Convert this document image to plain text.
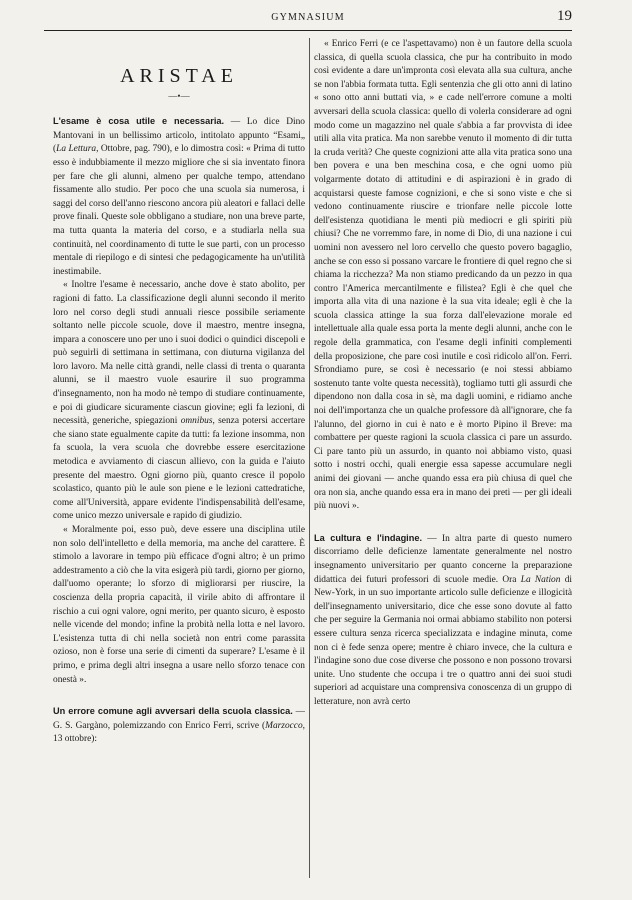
GYMNASIUM	19
ARISTAE
—•—

L'esame è cosa utile e necessaria. — Lo dice Dino Mantovani in un bellissimo articolo, intitolato appunto “Esami„ (La Lettura, Ottobre, pag. 790), e lo dimostra così: « Prima di tutto esso è indubbiamente il mezzo migliore che si sia inventato finora per fare che gli alunni, almeno per qualche tempo, attendano fissamente allo studio. Per poco che una scuola sia numerosa, i saggi del corso dell'anno riescono ancora più aleatori e fallaci delle prove finali. Queste sole obbligano a studiare, non una breve parte, ma tutta quanta la materia del corso, e a studiarla nella sua continuità, nel coordinamento di tutte le sue parti, con un processo mentale di riepilogo e di sintesi che pedagogicamente ha un'utilità inestimabile.

« Inoltre l'esame è necessario, anche dove è stato abolito, per ragioni di fatto. La classificazione degli alunni secondo il merito loro nel corso degli studi annuali riesce possibile seriamente soltanto nelle piccole scuole, dove il maestro, mentre insegna, impara a conoscere uno per uno i suoi dodici o quindici discepoli e può seguirli di settimana in settimana, con diuturna vigilanza del loro lavoro. Ma nelle città grandi, nelle classi di trenta o quaranta alunni, se il maestro vuole esaurire il suo programma d'insegnamento, non ha modo nè tempo di studiare continuamente, e poi di giudicare sicuramente ciascun giovine; egli fa lezioni, di necessità, generiche, spiegazioni omnibus, senza potersi accertare che siano state egualmente capite da tutti: fa lezione insomma, non fa scuola, la vera scuola che dovrebbe essere esercitazione metodica e avviamento di ciascun allievo, con la guida e l'aiuto presente del maestro. Ogni giorno più, quanto cresce il popolo scolastico, quanto più le aule son piene e le lezioni cattedratiche, come all'Università, appare evidente l'indispensabilità dell'esame, come unico mezzo universale e rapido di giudizio.

« Moralmente poi, esso può, deve essere una disciplina utile non solo dell'intelletto e della memoria, ma anche del carattere. È stimolo a lavorare in tempo più efficace d'ogni altro; è un primo addestramento a ciò che la vita esigerà più tardi, giorno per giorno, dall'uomo operante; lo sforzo di migliorarsi per riuscire, la coscienza della propria capacità, il virile abito di affrontare il rischio a cui ogni valore, ogni merito, per quanto sicuro, è esposto nelle vicende del mondo; infine la probità nella lotta e nel lavoro. L'esistenza tutta di chi nella società non entri come parassita ozioso, non è forse una serie di cimenti da superare? L'esame è il primo, e prima degli altri insegna a usare nello sforzo tenace con onestà ».

Un errore comune agli avversari della scuola classica. — G. S. Gargàno, polemizzando con Enrico Ferri, scrive (Marzocco, 13 ottobre):

« Enrico Ferri (e ce l'aspettavamo) non è un fautore della scuola classica, di quella scuola classica, che pur ha contribuito in modo così evidente a dare un'impronta così elevata alla sua cultura, anche se non l'abbia formata tutta. Egli sentenzia che gli otto anni di latino « sono otto anni buttati via, » e cade nell'errore comune a molti avversari della scuola classica: quello di volerla considerare ad ogni modo come un magazzino nel quale s'abbia a far provvista di idee utili alla vita pratica. Ma non sarebbe venuto il momento di dir tutta la cruda verità? Che queste cognizioni atte alla vita pratica sono una ben povera e una ben meschina cosa, e che ogni uomo più volgarmente dotato di attitudini e di aspirazioni è in grado di acquistarsi queste famose cognizioni, e che si sono viste e che si vedono continuamente riuscire e trionfare nelle piccole lotte dell'esistenza quotidiana le menti più mediocri e gli spiriti più chiusi? Che ne vorremmo fare, in nome di Dio, di una nazione i cui uomini non avessero nel loro cervello che questo povero bagaglio, anche se con esso si possano varcare le frontiere di quel regno che si chiama la ricchezza? Ma non stiamo predicando da un pezzo in qua contro l'America mercantilmente e filistea? Egli è che quel che importa alla vita di una nazione è la sua vita ideale; egli è che la scuola classica attinge la sua forza dall'elevazione morale ed intellettuale alla quale essa porta la mente degli alunni, anche con le regole della grammatica, con l'esame degli infiniti complementi della proposizione, che pare così inutile e così ridicolo all'on. Ferri. Sfrondiamo pure, se così è necessario (e noi stessi abbiamo sostenuto tante volte questa necessità), togliamo tutti gli assurdi che dipendono non dalla cosa in sè, ma dagli uomini, e ridiamo anche noi dell'importanza che un qualche professore dà all'ignorare, che fa l'alunno, del giorno in cui è nato e è morto Pipino il Breve: ma combattere per queste ragioni la scuola classica ci pare un assurdo. Ci pare tanto più un assurdo, in quanto noi abbiamo visto, quasi sotto i nostri occhi, quali energie essa sapesse accumulare negli animi dei giovani — anche quando essa era più chiusa di quel che ora non sia, anche quando essa era in mano dei preti — per gli ideali più nuovi ».

La cultura e l'indagine. — In altra parte di questo numero discorriamo delle deficienze lamentate generalmente nel nostro insegnamento universitario per quanto concerne la preparazione didattica dei futuri professori di scuole medie. Ora La Nation di New-York, in un suo importante articolo sulle deficienze e illogicità dell'insegnamento universitario, dice che esse sono dovute al fatto che per seguire la Germania noi ormai abbiamo stabilito non potersi essere cultura senza ricerca specializzata e indagine minuta, come non ci è fede senza opere; mentre è chiaro invece, che la cultura e l'indagine sono due cose diverse che possono e non possono trovarsi unite. Uno studente che occupa i tre o quattro anni dei suoi studi superiori ad acquistare una comprensiva conoscenza di un gruppo di letterature, non avrà certo
